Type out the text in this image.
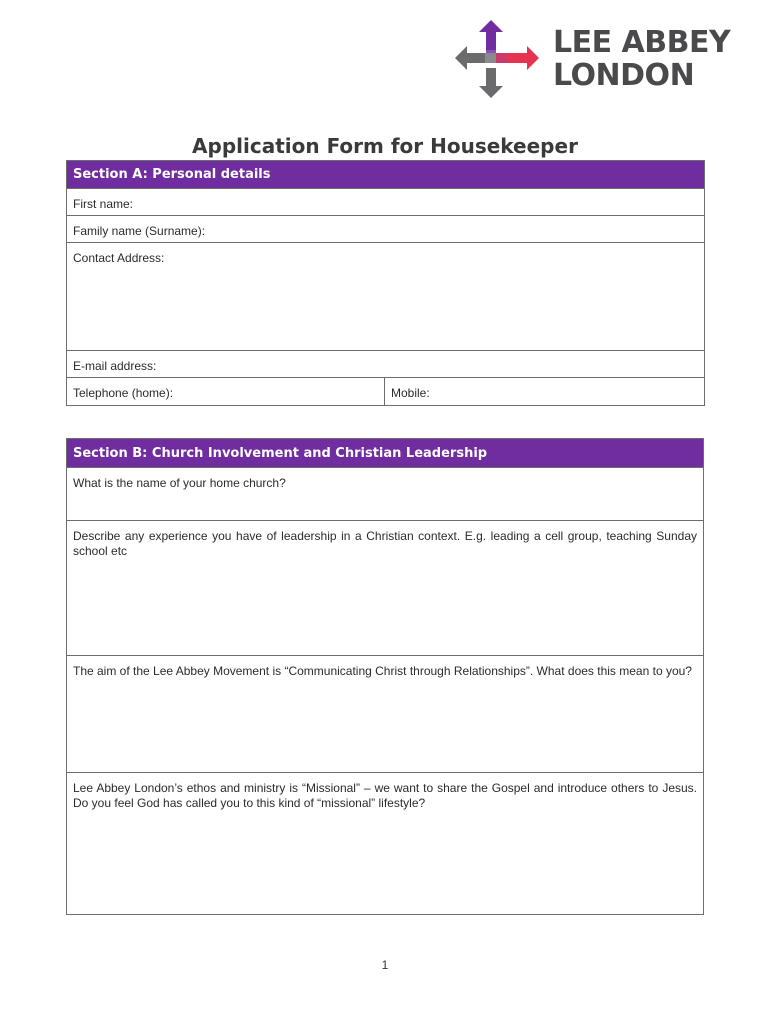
LEE ABBEY
LONDON
Application Form for Housekeeper
Section A: Personal details
First name:
Family name (Surname):
Contact Address:
E-mail address:
Telephone (home):	Mobile:
Section B: Church Involvement and Christian Leadership
What is the name of your home church?
Describe any experience you have of leadership in a Christian context. E.g. leading a cell group, teaching Sunday school etc
The aim of the Lee Abbey Movement is “Communicating Christ through Relationships”. What does this mean to you?
Lee Abbey London’s ethos and ministry is “Missional” – we want to share the Gospel and introduce others to Jesus. Do you feel God has called you to this kind of “missional” lifestyle?
1
